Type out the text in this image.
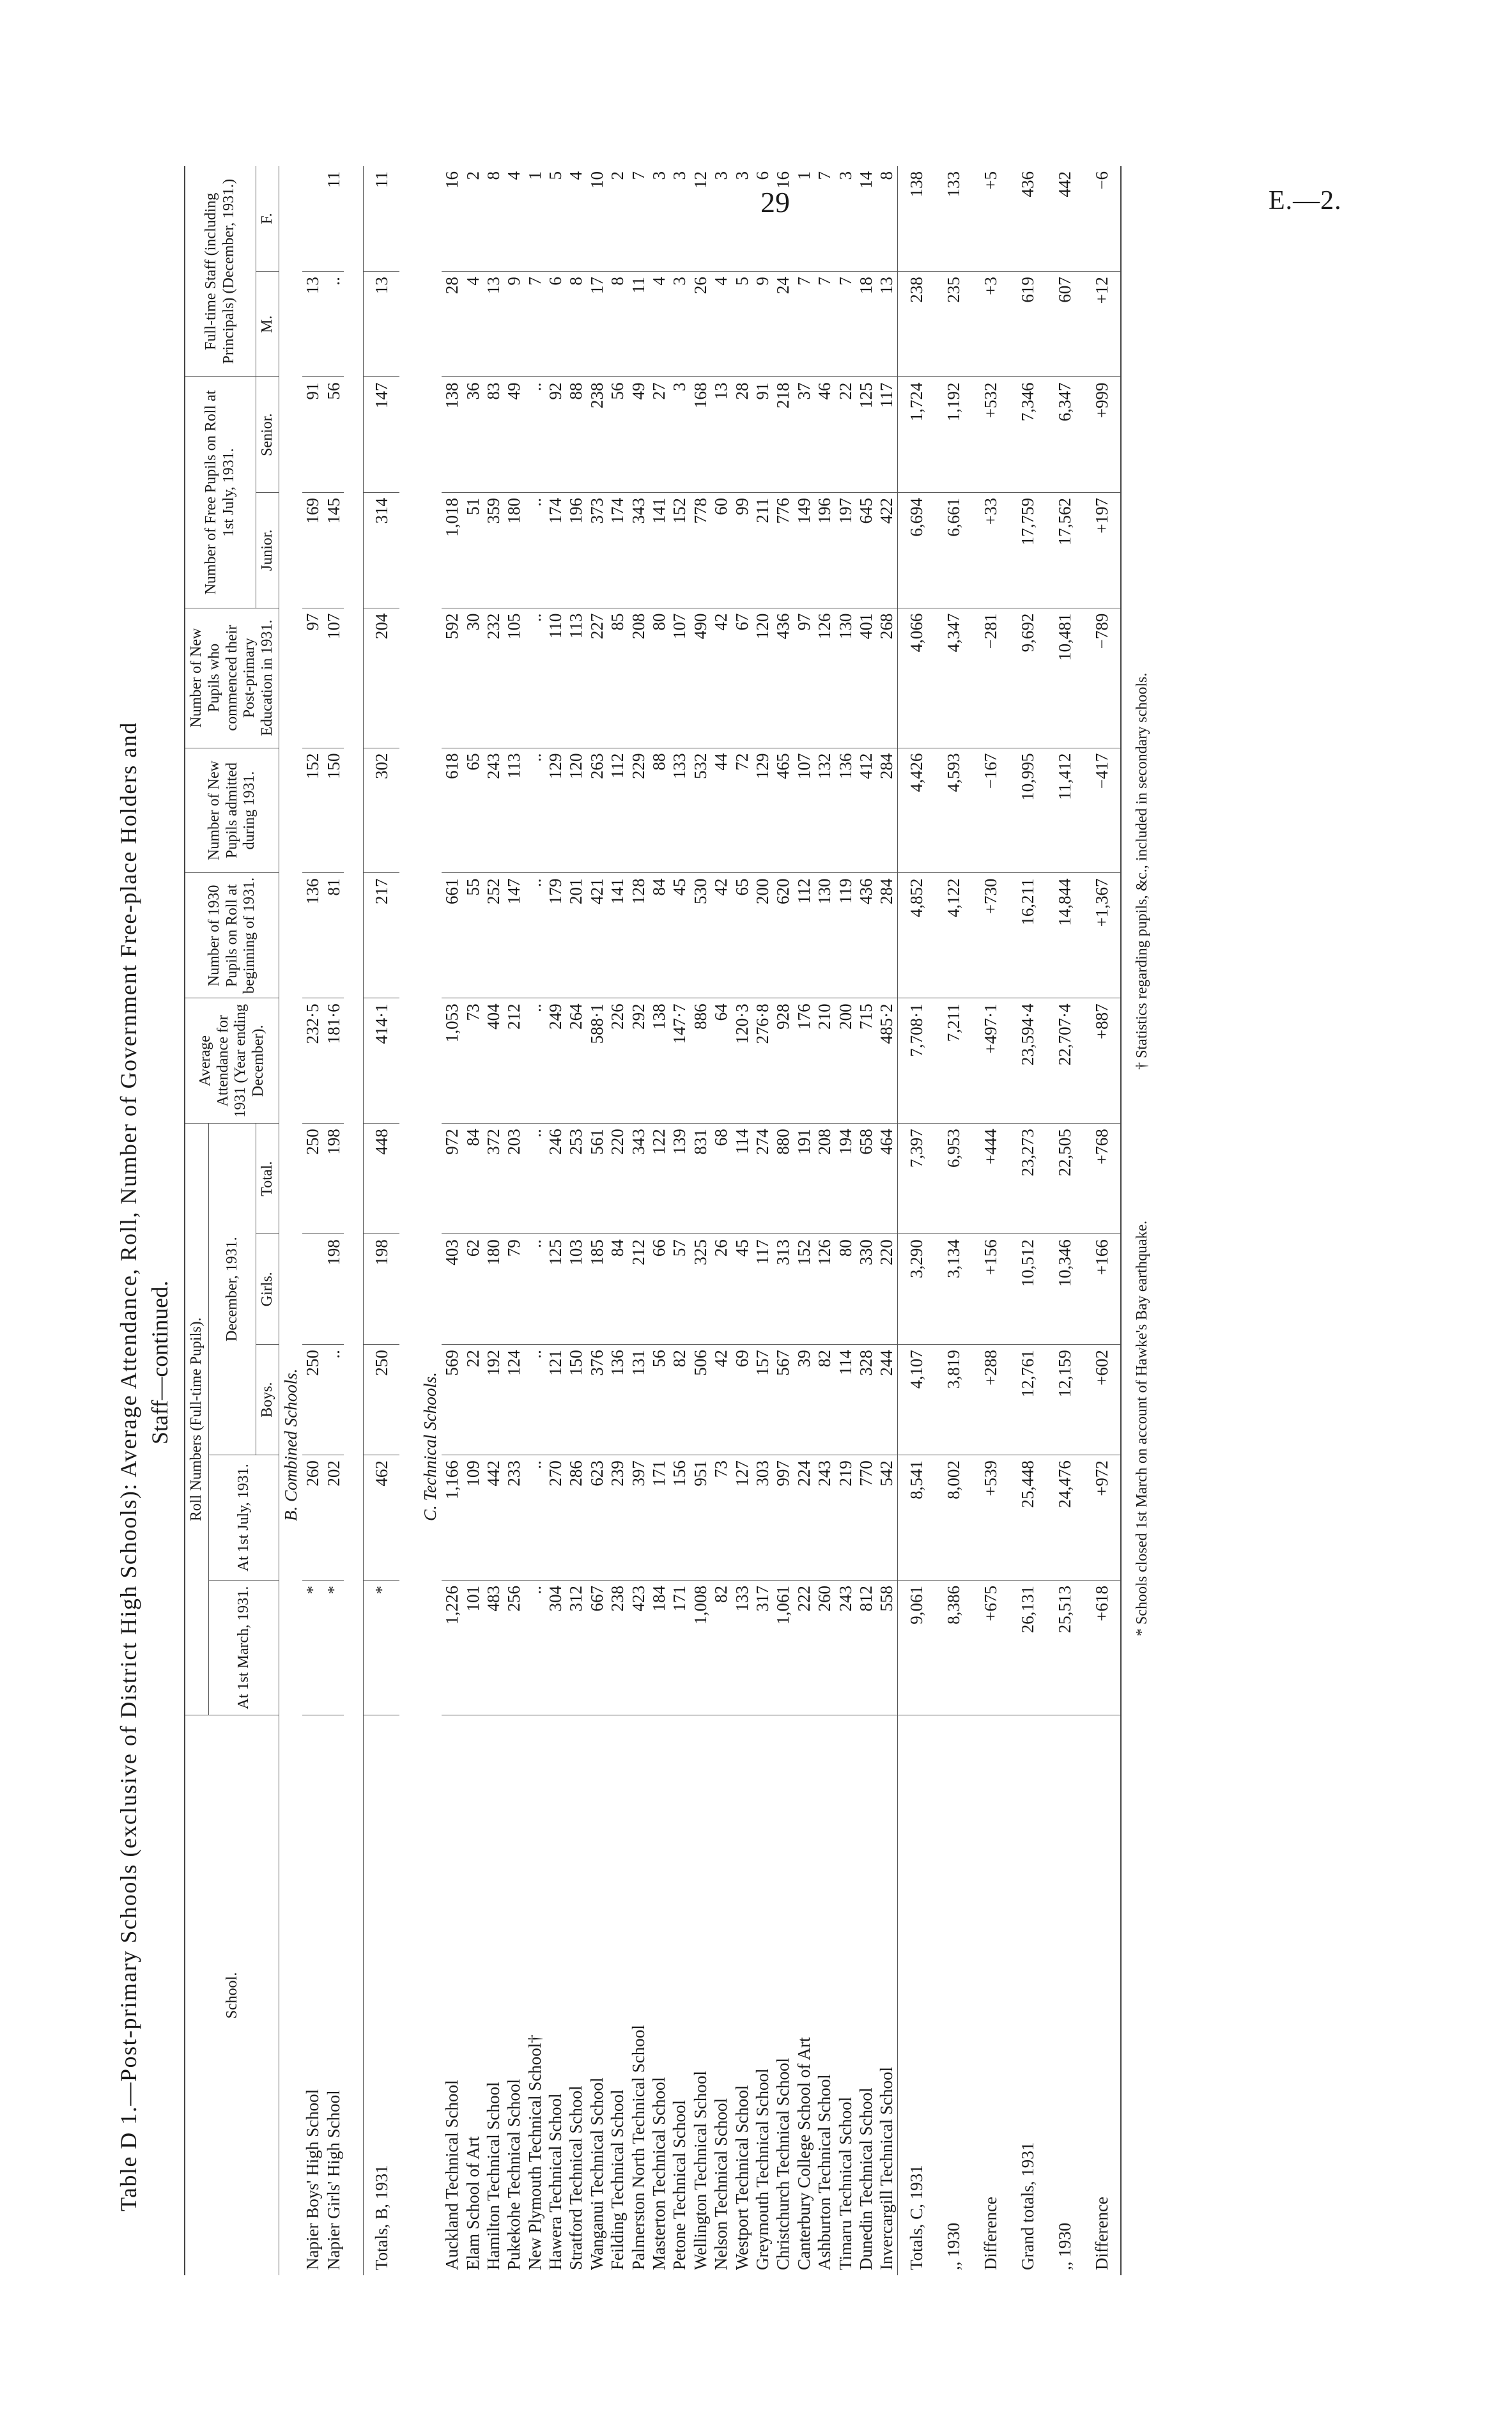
29	E.—2.
Table D 1.—Post-primary Schools (exclusive of District High Schools): Average Attendance, Roll, Number of Government Free-place Holders and Staff—continued.
School.	Roll Numbers (Full-time Pupils).					Average Attendance for 1931 (Year ending December).	Number of 1930 Pupils on Roll at beginning of 1931.	Number of New Pupils admitted during 1931.	Number of New Pupils who commenced their Post-primary Education in 1931.	Number of Free Pupils on Roll at 1st July, 1931.		Full-time Staff (including Principals) (December, 1931.)	
	At 1st March, 1931.	At 1st July, 1931.	December, 1931.										
			Boys.	Girls.	Total.					Junior.	Senior.	M.	F.
B. Combined Schools.													
Napier Boys' High School	*	260	250		250	232·5	136	152	97	169	91	13	
Napier Girls' High School	*	202	..	198	198	181·6	81	150	107	145	56	..	11

Totals, B, 1931	*	462	250	198	448	414·1	217	302	204	314	147	13	11

C. Technical Schools.													
Auckland Technical School	1,226	1,166	569	403	972	1,053	661	618	592	1,018	138	28	16
Elam School of Art	101	109	22	62	84	73	55	65	30	51	36	4	2
Hamilton Technical School	483	442	192	180	372	404	252	243	232	359	83	13	8
Pukekohe Technical School	256	233	124	79	203	212	147	113	105	180	49	9	4
New Plymouth Technical School†	..	..	..	..	..	..	..	..	..	..	..	7	1
Hawera Technical School	304	270	121	125	246	249	179	129	110	174	92	6	5
Stratford Technical School	312	286	150	103	253	264	201	120	113	196	88	8	4
Wanganui Technical School	667	623	376	185	561	588·1	421	263	227	373	238	17	10
Feilding Technical School	238	239	136	84	220	226	141	112	85	174	56	8	2
Palmerston North Technical School	423	397	131	212	343	292	128	229	208	343	49	11	7
Masterton Technical School	184	171	56	66	122	138	84	88	80	141	27	4	3
Petone Technical School	171	156	82	57	139	147·7	45	133	107	152	3	3	3
Wellington Technical School	1,008	951	506	325	831	886	530	532	490	778	168	26	12
Nelson Technical School	82	73	42	26	68	64	42	44	42	60	13	4	3
Westport Technical School	133	127	69	45	114	120·3	65	72	67	99	28	5	3
Greymouth Technical School	317	303	157	117	274	276·8	200	129	120	211	91	9	6
Christchurch Technical School	1,061	997	567	313	880	928	620	465	436	776	218	24	16
Canterbury College School of Art	222	224	39	152	191	176	112	107	97	149	37	7	1
Ashburton Technical School	260	243	82	126	208	210	130	132	126	196	46	7	7
Timaru Technical School	243	219	114	80	194	200	119	136	130	197	22	7	3
Dunedin Technical School	812	770	328	330	658	715	436	412	401	645	125	18	14
Invercargill Technical School	558	542	244	220	464	485·2	284	284	268	422	117	13	8
Totals, C, 1931	9,061	8,541	4,107	3,290	7,397	7,708·1	4,852	4,426	4,066	6,694	1,724	238	138
,, 1930	8,386	8,002	3,819	3,134	6,953	7,211	4,122	4,593	4,347	6,661	1,192	235	133
Difference	+675	+539	+288	+156	+444	+497·1	+730	−167	−281	+33	+532	+3	+5
Grand totals, 1931	26,131	25,448	12,761	10,512	23,273	23,594·4	16,211	10,995	9,692	17,759	7,346	619	436
,, 1930	25,513	24,476	12,159	10,346	22,505	22,707·4	14,844	11,412	10,481	17,562	6,347	607	442
Difference	+618	+972	+602	+166	+768	+887	+1,367	−417	−789	+197	+999	+12	−6
* Schools closed 1st March on account of Hawke's Bay earthquake. † Statistics regarding pupils, &c., included in secondary schools.
